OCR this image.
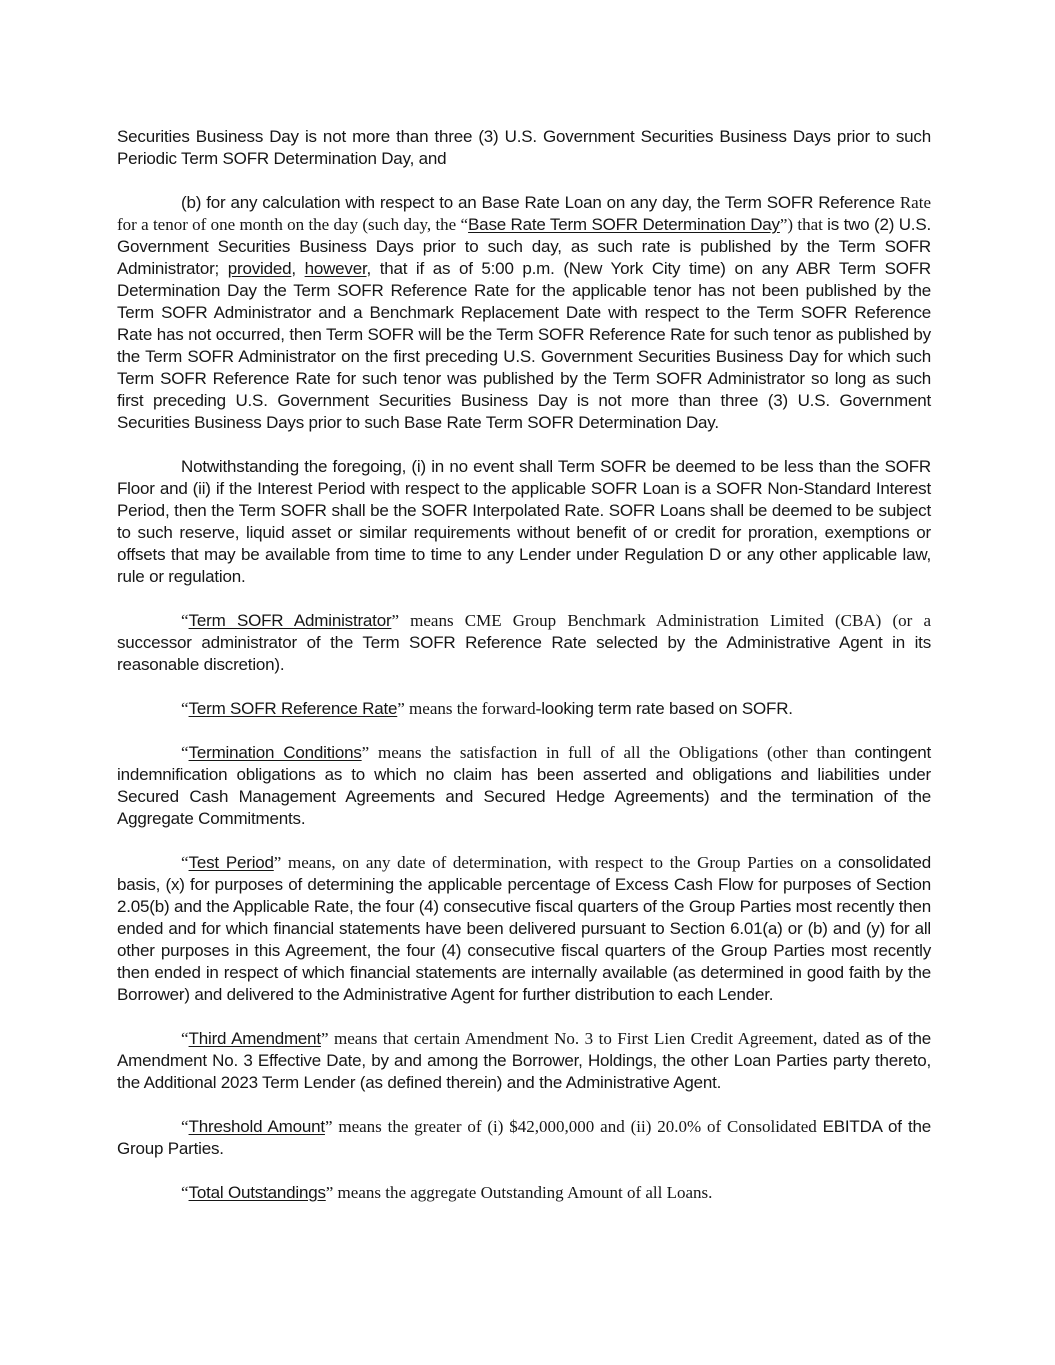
Securities Business Day is not more than three (3) U.S. Government Securities Business Days prior to such Periodic Term SOFR Determination Day, and

(b) for any calculation with respect to an Base Rate Loan on any day, the Term SOFR Reference Rate for a tenor of one month on the day (such day, the “Base Rate Term SOFR Determination Day”) that is two (2) U.S. Government Securities Business Days prior to such day, as such rate is published by the Term SOFR Administrator; provided, however, that if as of 5:00 p.m. (New York City time) on any ABR Term SOFR Determination Day the Term SOFR Reference Rate for the applicable tenor has not been published by the Term SOFR Administrator and a Benchmark Replacement Date with respect to the Term SOFR Reference Rate has not occurred, then Term SOFR will be the Term SOFR Reference Rate for such tenor as published by the Term SOFR Administrator on the first preceding U.S. Government Securities Business Day for which such Term SOFR Reference Rate for such tenor was published by the Term SOFR Administrator so long as such first preceding U.S. Government Securities Business Day is not more than three (3) U.S. Government Securities Business Days prior to such Base Rate Term SOFR Determination Day.

Notwithstanding the foregoing, (i) in no event shall Term SOFR be deemed to be less than the SOFR Floor and (ii) if the Interest Period with respect to the applicable SOFR Loan is a SOFR Non-Standard Interest Period, then the Term SOFR shall be the SOFR Interpolated Rate. SOFR Loans shall be deemed to be subject to such reserve, liquid asset or similar requirements without benefit of or credit for proration, exemptions or offsets that may be available from time to time to any Lender under Regulation D or any other applicable law, rule or regulation.

“Term SOFR Administrator” means CME Group Benchmark Administration Limited (CBA) (or a successor administrator of the Term SOFR Reference Rate selected by the Administrative Agent in its reasonable discretion).

“Term SOFR Reference Rate” means the forward-looking term rate based on SOFR.

“Termination Conditions” means the satisfaction in full of all the Obligations (other than contingent indemnification obligations as to which no claim has been asserted and obligations and liabilities under Secured Cash Management Agreements and Secured Hedge Agreements) and the termination of the Aggregate Commitments.

“Test Period” means, on any date of determination, with respect to the Group Parties on a consolidated basis, (x) for purposes of determining the applicable percentage of Excess Cash Flow for purposes of Section 2.05(b) and the Applicable Rate, the four (4) consecutive fiscal quarters of the Group Parties most recently then ended and for which financial statements have been delivered pursuant to Section 6.01(a) or (b) and (y) for all other purposes in this Agreement, the four (4) consecutive fiscal quarters of the Group Parties most recently then ended in respect of which financial statements are internally available (as determined in good faith by the Borrower) and delivered to the Administrative Agent for further distribution to each Lender.

“Third Amendment” means that certain Amendment No. 3 to First Lien Credit Agreement, dated as of the Amendment No. 3 Effective Date, by and among the Borrower, Holdings, the other Loan Parties party thereto, the Additional 2023 Term Lender (as defined therein) and the Administrative Agent.

“Threshold Amount” means the greater of (i) $42,000,000 and (ii) 20.0% of Consolidated EBITDA of the Group Parties.

“Total Outstandings” means the aggregate Outstanding Amount of all Loans.
